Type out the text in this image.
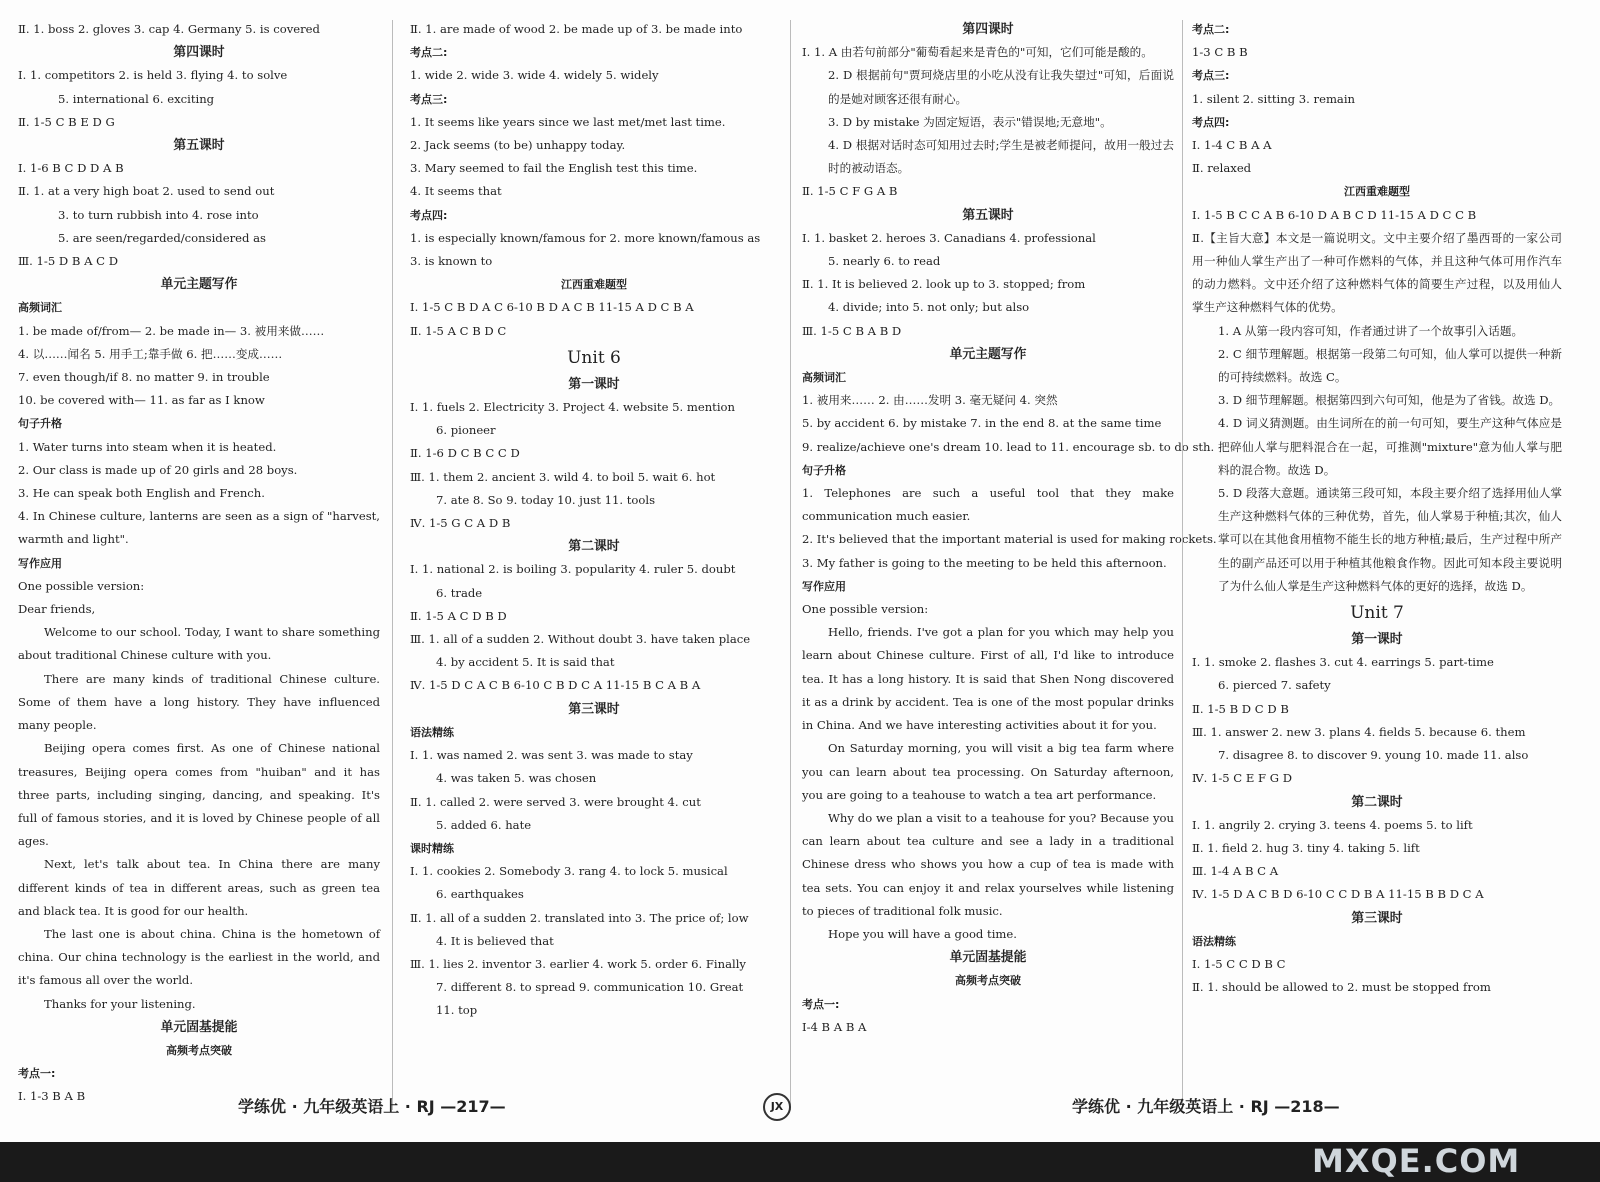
Ⅱ. 1. boss 2. gloves 3. cap 4. Germany 5. is covered
第四课时
Ⅰ. 1. competitors 2. is held 3. flying 4. to solve
5. international 6. exciting
Ⅱ. 1-5 C B E D G
第五课时
Ⅰ. 1-6 B C D D A B
Ⅱ. 1. at a very high boat 2. used to send out
3. to turn rubbish into 4. rose into
5. are seen/regarded/considered as
Ⅲ. 1-5 D B A C D
单元主题写作
高频词汇
1. be made of/from— 2. be made in— 3. 被用来做……
4. 以……闻名 5. 用手工;靠手做 6. 把……变成……
7. even though/if 8. no matter 9. in trouble
10. be covered with— 11. as far as I know
句子升格
1. Water turns into steam when it is heated.
2. Our class is made up of 20 girls and 28 boys.
3. He can speak both English and French.
4. In Chinese culture, lanterns are seen as a sign of "harvest, warmth and light".
写作应用
One possible version:
Dear friends,
Welcome to our school. Today, I want to share something about traditional Chinese culture with you.
There are many kinds of traditional Chinese culture. Some of them have a long history. They have influenced many people.
Beijing opera comes first. As one of Chinese national treasures, Beijing opera comes from "huiban" and it has three parts, including singing, dancing, and speaking. It's full of famous stories, and it is loved by Chinese people of all ages.
Next, let's talk about tea. In China there are many different kinds of tea in different areas, such as green tea and black tea. It is good for our health.
The last one is about china. China is the hometown of china. Our china technology is the earliest in the world, and it's famous all over the world.
Thanks for your listening.
单元固基提能
高频考点突破
考点一:
Ⅰ. 1-3 B A B
Ⅱ. 1. are made of wood 2. be made up of 3. be made into
考点二:
1. wide 2. wide 3. wide 4. widely 5. widely
考点三:
1. It seems like years since we last met/met last time.
2. Jack seems (to be) unhappy today.
3. Mary seemed to fail the English test this time.
4. It seems that
考点四:
1. is especially known/famous for 2. more known/famous as
3. is known to
江西重难题型
Ⅰ. 1-5 C B D A C 6-10 B D A C B 11-15 A D C B A
Ⅱ. 1-5 A C B D C
Unit 6
第一课时
Ⅰ. 1. fuels 2. Electricity 3. Project 4. website 5. mention
6. pioneer
Ⅱ. 1-6 D C B C C D
Ⅲ. 1. them 2. ancient 3. wild 4. to boil 5. wait 6. hot
7. ate 8. So 9. today 10. just 11. tools
Ⅳ. 1-5 G C A D B
第二课时
Ⅰ. 1. national 2. is boiling 3. popularity 4. ruler 5. doubt
6. trade
Ⅱ. 1-5 A C D B D
Ⅲ. 1. all of a sudden 2. Without doubt 3. have taken place
4. by accident 5. It is said that
Ⅳ. 1-5 D C A C B 6-10 C B D C A 11-15 B C A B A
第三课时
语法精练
Ⅰ. 1. was named 2. was sent 3. was made to stay
4. was taken 5. was chosen
Ⅱ. 1. called 2. were served 3. were brought 4. cut
5. added 6. hate
课时精练
Ⅰ. 1. cookies 2. Somebody 3. rang 4. to lock 5. musical
6. earthquakes
Ⅱ. 1. all of a sudden 2. translated into 3. The price of; low
4. It is believed that
Ⅲ. 1. lies 2. inventor 3. earlier 4. work 5. order 6. Finally
7. different 8. to spread 9. communication 10. Great
11. top
第四课时
Ⅰ. 1. A 由若句前部分"葡萄看起来是青色的"可知，它们可能是酸的。
2. D 根据前句"贾珂烧店里的小吃从没有让我失望过"可知，后面说的是她对顾客还很有耐心。
3. D by mistake 为固定短语，表示"错误地;无意地"。
4. D 根据对话时态可知用过去时;学生是被老师提问，故用一般过去时的被动语态。
Ⅱ. 1-5 C F G A B
第五课时
Ⅰ. 1. basket 2. heroes 3. Canadians 4. professional
5. nearly 6. to read
Ⅱ. 1. It is believed 2. look up to 3. stopped; from
4. divide; into 5. not only; but also
Ⅲ. 1-5 C B A B D
单元主题写作
高频词汇
1. 被用来…… 2. 由……发明 3. 毫无疑问 4. 突然
5. by accident 6. by mistake 7. in the end 8. at the same time
9. realize/achieve one's dream 10. lead to 11. encourage sb. to do sth.
句子升格
1. Telephones are such a useful tool that they make communication much easier.
2. It's believed that the important material is used for making rockets.
3. My father is going to the meeting to be held this afternoon.
写作应用
One possible version:
Hello, friends. I've got a plan for you which may help you learn about Chinese culture. First of all, I'd like to introduce tea. It has a long history. It is said that Shen Nong discovered it as a drink by accident. Tea is one of the most popular drinks in China. And we have interesting activities about it for you.
On Saturday morning, you will visit a big tea farm where you can learn about tea processing. On Saturday afternoon, you are going to a teahouse to watch a tea art performance.
Why do we plan a visit to a teahouse for you? Because you can learn about tea culture and see a lady in a traditional Chinese dress who shows you how a cup of tea is made with tea sets. You can enjoy it and relax yourselves while listening to pieces of traditional folk music.
Hope you will have a good time.
单元固基提能
高频考点突破
考点一:
Ⅰ-4 B A B A
考点二:
1-3 C B B
考点三:
1. silent 2. sitting 3. remain
考点四:
Ⅰ. 1-4 C B A A
Ⅱ. relaxed
江西重难题型
Ⅰ. 1-5 B C C A B 6-10 D A B C D 11-15 A D C C B
Ⅱ.【主旨大意】本文是一篇说明文。文中主要介绍了墨西哥的一家公司用一种仙人掌生产出了一种可作燃料的气体，并且这种气体可用作汽车的动力燃料。文中还介绍了这种燃料气体的简要生产过程，以及用仙人掌生产这种燃料气体的优势。
1. A 从第一段内容可知，作者通过讲了一个故事引入话题。
2. C 细节理解题。根据第一段第二句可知，仙人掌可以提供一种新的可持续燃料。故选 C。
3. D 细节理解题。根据第四到六句可知，他是为了省钱。故选 D。
4. D 词义猜测题。由生词所在的前一句可知，要生产这种气体应是把碎仙人掌与肥料混合在一起，可推测"mixture"意为仙人掌与肥料的混合物。故选 D。
5. D 段落大意题。通读第三段可知，本段主要介绍了选择用仙人掌生产这种燃料气体的三种优势，首先，仙人掌易于种植;其次，仙人掌可以在其他食用植物不能生长的地方种植;最后，生产过程中所产生的副产品还可以用于种植其他粮食作物。因此可知本段主要说明了为什么仙人掌是生产这种燃料气体的更好的选择，故选 D。
Unit 7
第一课时
Ⅰ. 1. smoke 2. flashes 3. cut 4. earrings 5. part-time
6. pierced 7. safety
Ⅱ. 1-5 B D C D B
Ⅲ. 1. answer 2. new 3. plans 4. fields 5. because 6. them
7. disagree 8. to discover 9. young 10. made 11. also
Ⅳ. 1-5 C E F G D
第二课时
Ⅰ. 1. angrily 2. crying 3. teens 4. poems 5. to lift
Ⅱ. 1. field 2. hug 3. tiny 4. taking 5. lift
Ⅲ. 1-4 A B C A
Ⅳ. 1-5 D A C B D 6-10 C C D B A 11-15 B B D C A
第三课时
语法精练
Ⅰ. 1-5 C C D B C
Ⅱ. 1. should be allowed to 2. must be stopped from
学练优 · 九年级英语上 · RJ —217—	JX	学练优 · 九年级英语上 · RJ —218—
MXQE.COM
